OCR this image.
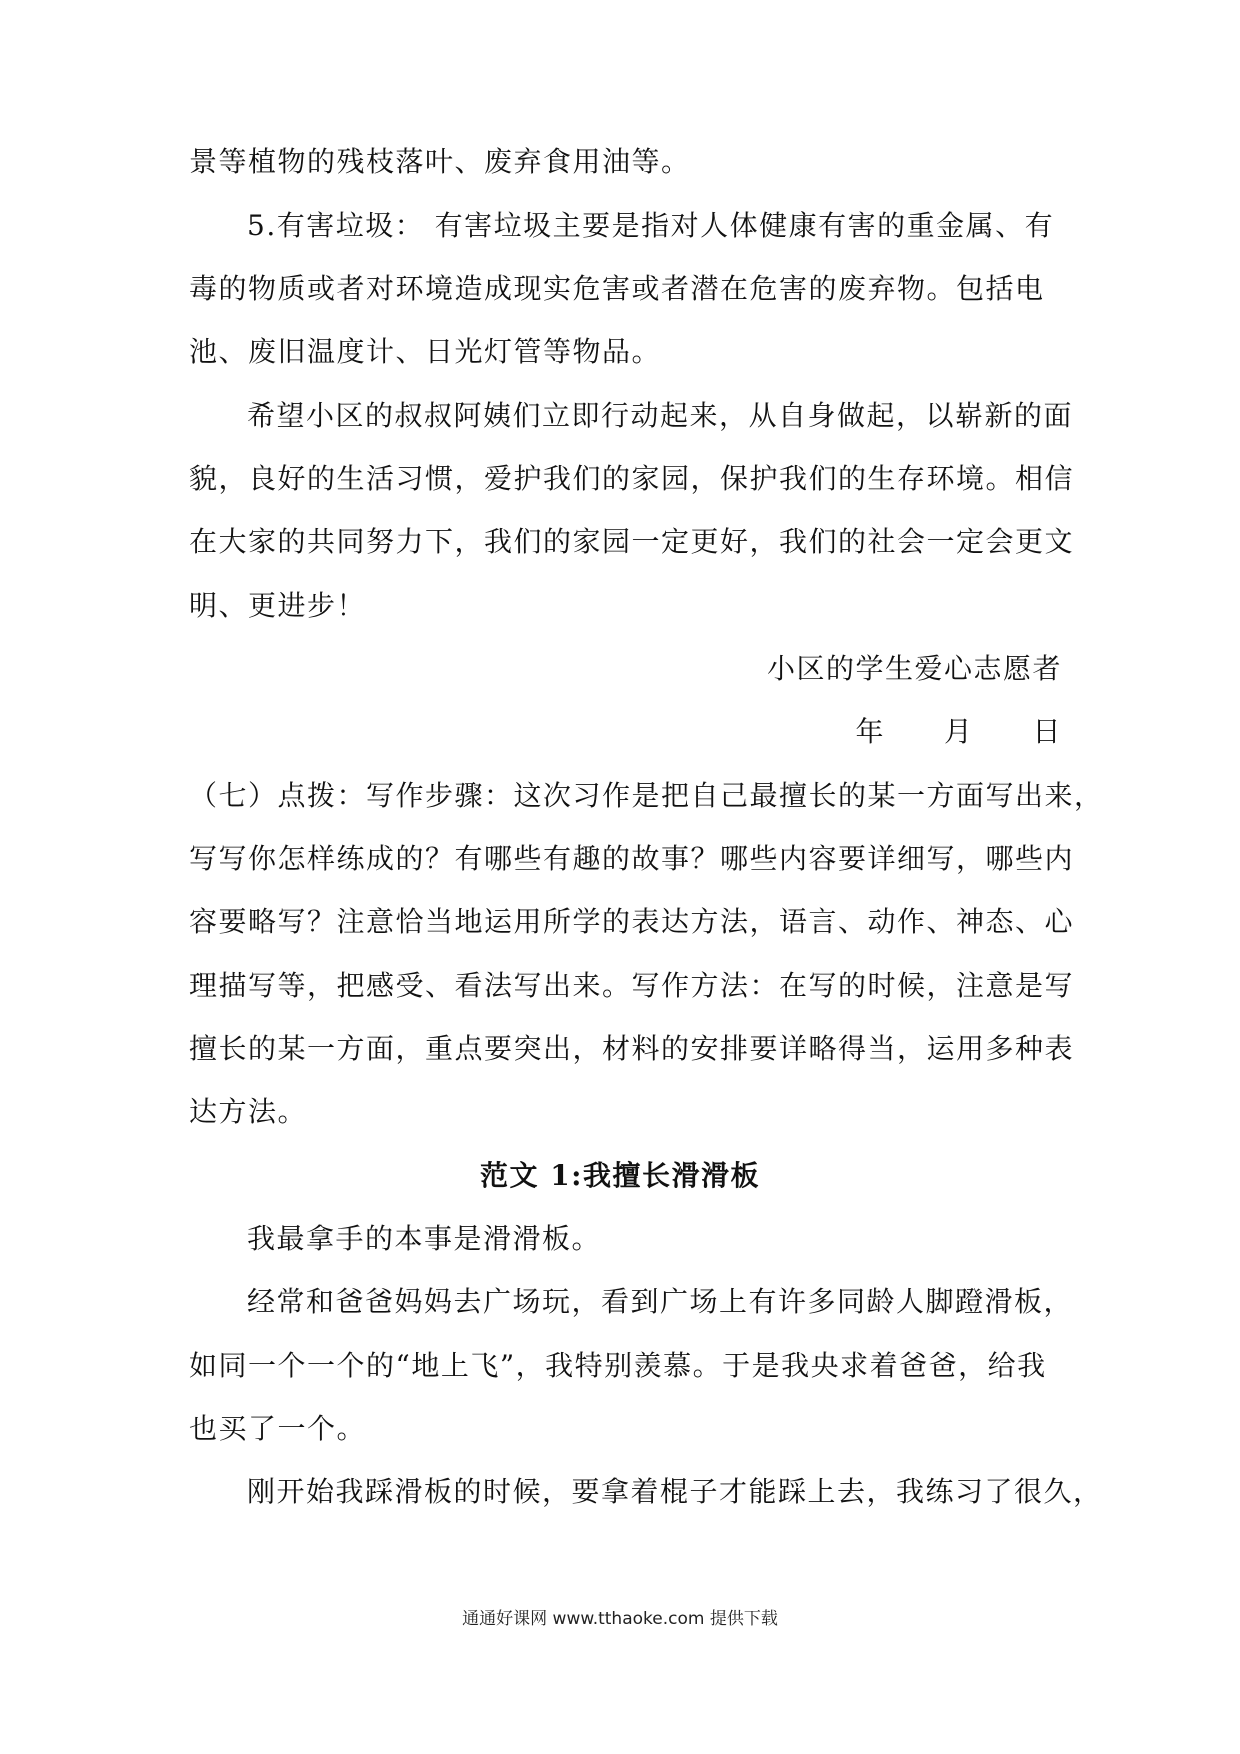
景等植物的残枝落叶、废弃食用油等。
5.有害垃圾： 有害垃圾主要是指对人体健康有害的重金属、有
毒的物质或者对环境造成现实危害或者潜在危害的废弃物。包括电
池、废旧温度计、日光灯管等物品。
希望小区的叔叔阿姨们立即行动起来，从自身做起，以崭新的面
貌，良好的生活习惯，爱护我们的家园，保护我们的生存环境。相信
在大家的共同努力下，我们的家园一定更好，我们的社会一定会更文
明、更进步！
小区的学生爱心志愿者
年　　月　　日
（七）点拨：写作步骤：这次习作是把自己最擅长的某一方面写出来，
写写你怎样练成的？有哪些有趣的故事？哪些内容要详细写，哪些内
容要略写？注意恰当地运用所学的表达方法，语言、动作、神态、心
理描写等，把感受、看法写出来。写作方法：在写的时候，注意是写
擅长的某一方面，重点要突出，材料的安排要详略得当，运用多种表
达方法。
范文 1:我擅长滑滑板
我最拿手的本事是滑滑板。
经常和爸爸妈妈去广场玩，看到广场上有许多同龄人脚蹬滑板，
如同一个一个的“地上飞”，我特别羡慕。于是我央求着爸爸，给我
也买了一个。
刚开始我踩滑板的时候，要拿着棍子才能踩上去，我练习了很久，
通通好课网 www.tthaoke.com 提供下载
